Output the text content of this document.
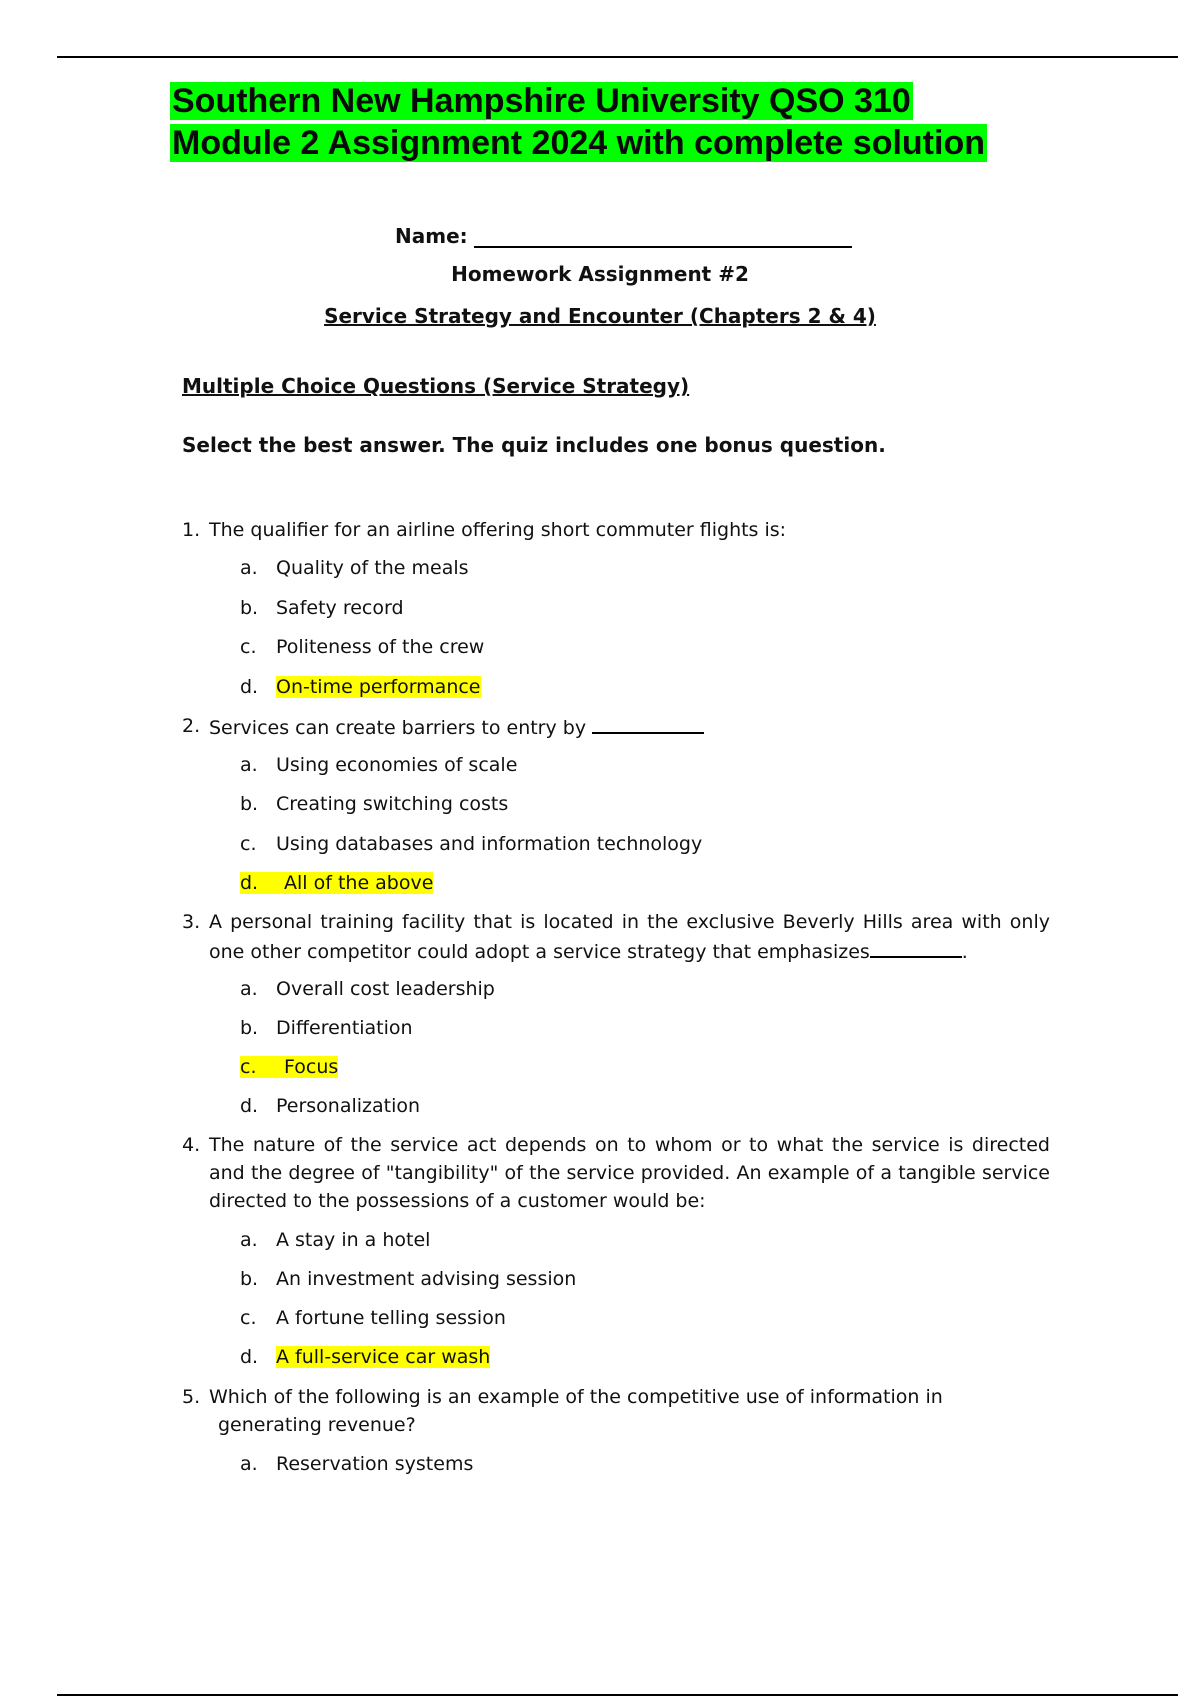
Southern New Hampshire University QSO 310
Module 2 Assignment 2024 with complete solution
Name:
Homework Assignment #2
Service Strategy and Encounter (Chapters 2 & 4)
Multiple Choice Questions (Service Strategy)
Select the best answer. The quiz includes one bonus question.
1. The qualifier for an airline offering short commuter flights is:
a. Quality of the meals
b. Safety record
c. Politeness of the crew
d. On-time performance
2. Services can create barriers to entry by
a. Using economies of scale
b. Creating switching costs
c. Using databases and information technology
d. All of the above
3. A personal training facility that is located in the exclusive Beverly Hills area with only one other competitor could adopt a service strategy that emphasizes	.
a. Overall cost leadership
b. Differentiation
c. Focus
d. Personalization
4. The nature of the service act depends on to whom or to what the service is directed and the degree of "tangibility" of the service provided. An example of a tangible service directed to the possessions of a customer would be:
a. A stay in a hotel
b. An investment advising session
c. A fortune telling session
d. A full-service car wash
5. Which of the following is an example of the competitive use of information in
generating revenue?
a. Reservation systems
